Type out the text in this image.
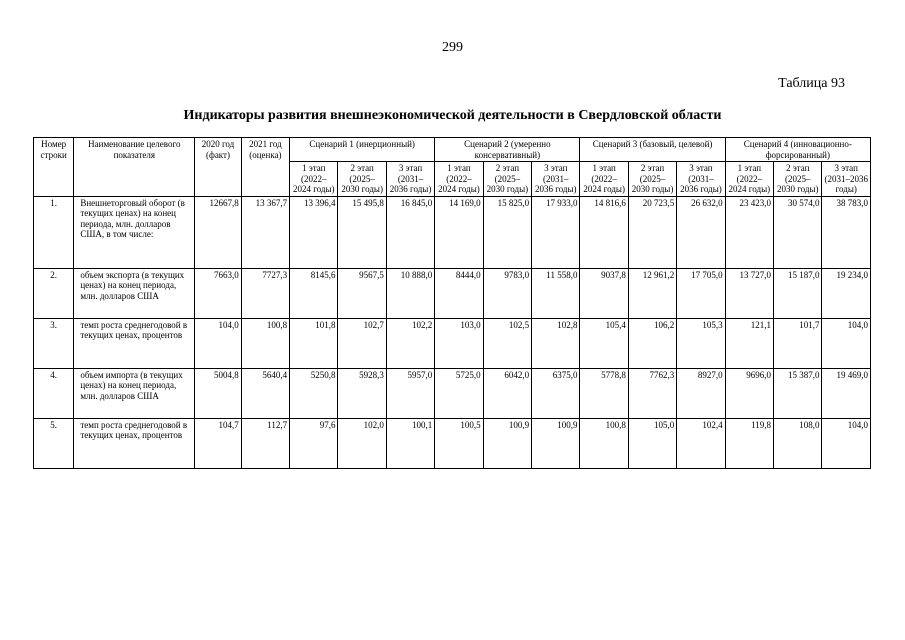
299
Таблица 93
Индикаторы развития внешнеэкономической деятельности в Свердловской области
Номер строки	Наименование целевого показателя	2020 год (факт)	2021 год (оценка)	Сценарий 1 (инерционный)			Сценарий 2 (умеренно консервативный)			Сценарий 3 (базовый, целевой)			Сценарий 4 (инновационно-форсированный)		
				1 этап (2022–2024 годы)	2 этап (2025–2030 годы)	3 этап (2031–2036 годы)	1 этап (2022–2024 годы)	2 этап (2025–2030 годы)	3 этап (2031–2036 годы)	1 этап (2022–2024 годы)	2 этап (2025–2030 годы)	3 этап (2031–2036 годы)	1 этап (2022–2024 годы)	2 этап (2025–2030 годы)	3 этап (2031–2036 годы)
1.	Внешнеторговый оборот (в текущих ценах) на конец периода, млн. долларов США, в том числе:	12667,8	13 367,7	13 396,4	15 495,8	16 845,0	14 169,0	15 825,0	17 933,0	14 816,6	20 723,5	26 632,0	23 423,0	30 574,0	38 783,0
2.	объем экспорта (в текущих ценах) на конец периода, млн. долларов США	7663,0	7727,3	8145,6	9567,5	10 888,0	8444,0	9783,0	11 558,0	9037,8	12 961,2	17 705,0	13 727,0	15 187,0	19 234,0
3.	темп роста среднегодовой в текущих ценах, процентов	104,0	100,8	101,8	102,7	102,2	103,0	102,5	102,8	105,4	106,2	105,3	121,1	101,7	104,0
4.	объем импорта (в текущих ценах) на конец периода, млн. долларов США	5004,8	5640,4	5250,8	5928,3	5957,0	5725,0	6042,0	6375,0	5778,8	7762,3	8927,0	9696,0	15 387,0	19 469,0
5.	темп роста среднегодовой в текущих ценах, процентов	104,7	112,7	97,6	102,0	100,1	100,5	100,9	100,9	100,8	105,0	102,4	119,8	108,0	104,0
